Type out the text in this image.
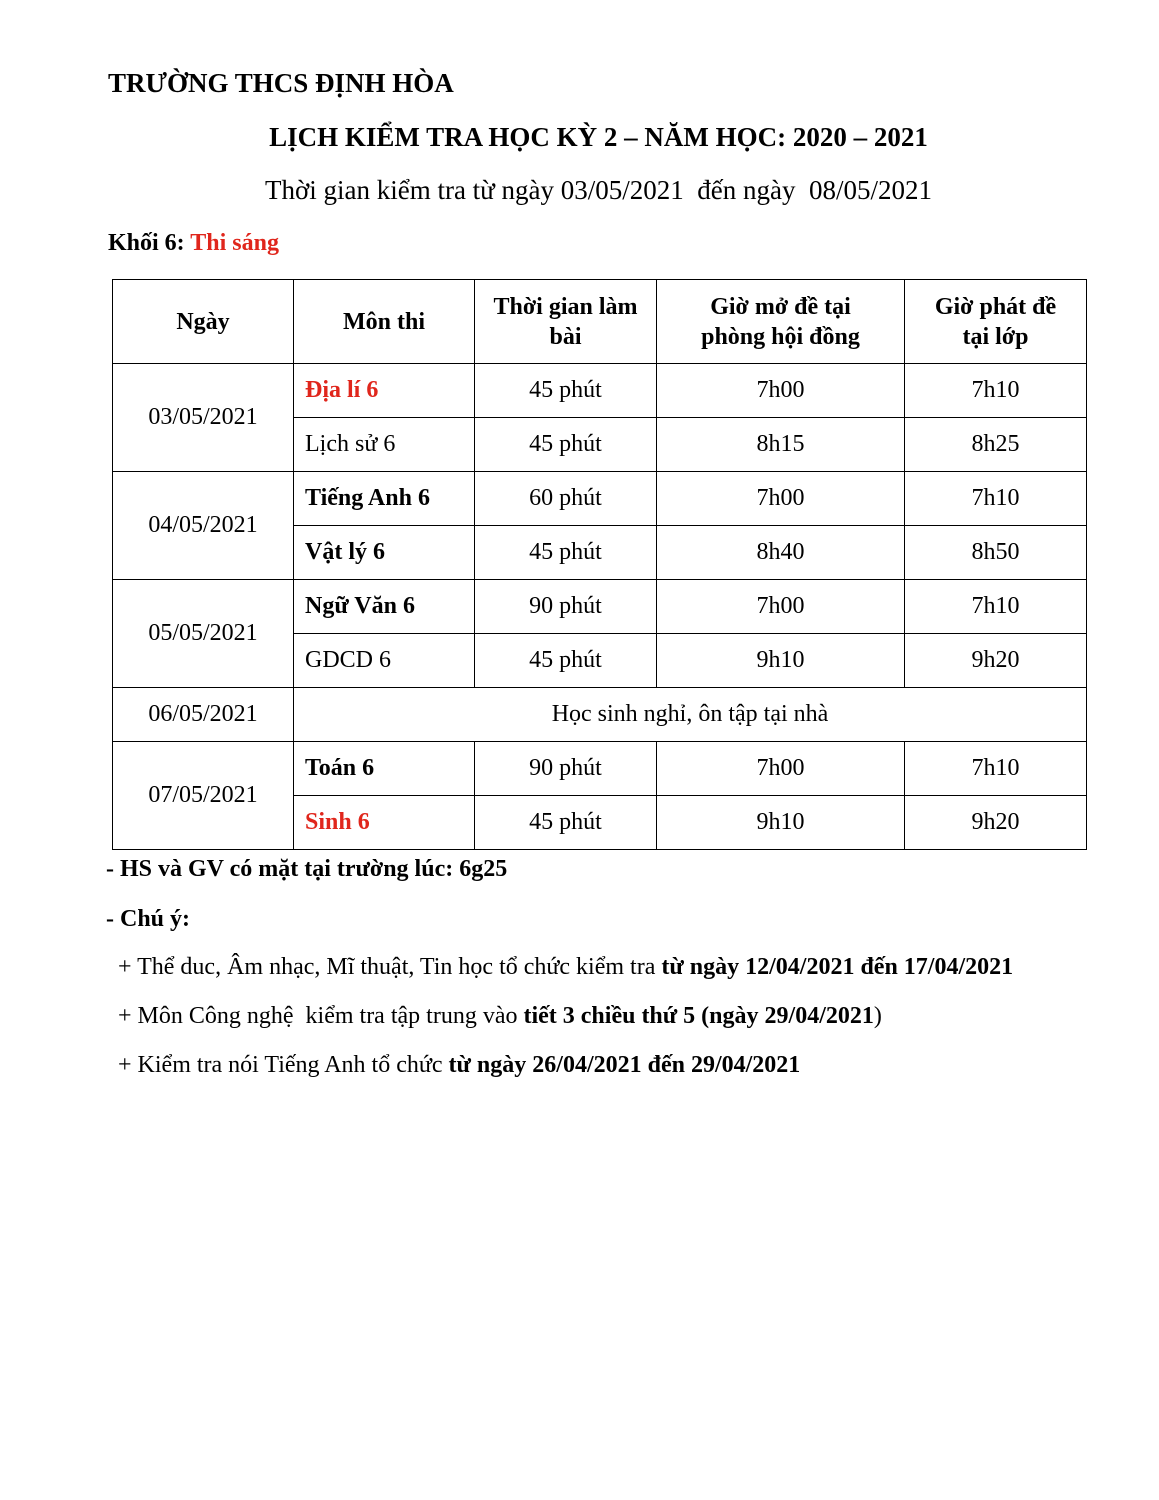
TRƯỜNG THCS ĐỊNH HÒA
LỊCH KIỂM TRA HỌC KỲ 2 – NĂM HỌC: 2020 – 2021
Thời gian kiểm tra từ ngày 03/05/2021  đến ngày  08/05/2021
Khối 6: Thi sáng
Ngày	Môn thi	Thời gian làm bài	Giờ mở đề tại phòng hội đồng	Giờ phát đề tại lớp
03/05/2021	Địa lí 6	45 phút	7h00	7h10
	Lịch sử 6	45 phút	8h15	8h25
04/05/2021	Tiếng Anh 6	60 phút	7h00	7h10
	Vật lý 6	45 phút	8h40	8h50
05/05/2021	Ngữ Văn 6	90 phút	7h00	7h10
	GDCD 6	45 phút	9h10	9h20
06/05/2021	Học sinh nghỉ, ôn tập tại nhà			
07/05/2021	Toán 6	90 phút	7h00	7h10
	Sinh 6	45 phút	9h10	9h20
- HS và GV có mặt tại trường lúc: 6g25
- Chú ý:
+ Thể duc, Âm nhạc, Mĩ thuật, Tin học tổ chức kiểm tra từ ngày 12/04/2021 đến 17/04/2021
+ Môn Công nghệ  kiểm tra tập trung vào tiết 3 chiều thứ 5 (ngày 29/04/2021)
+ Kiểm tra nói Tiếng Anh tổ chức từ ngày 26/04/2021 đến 29/04/2021
